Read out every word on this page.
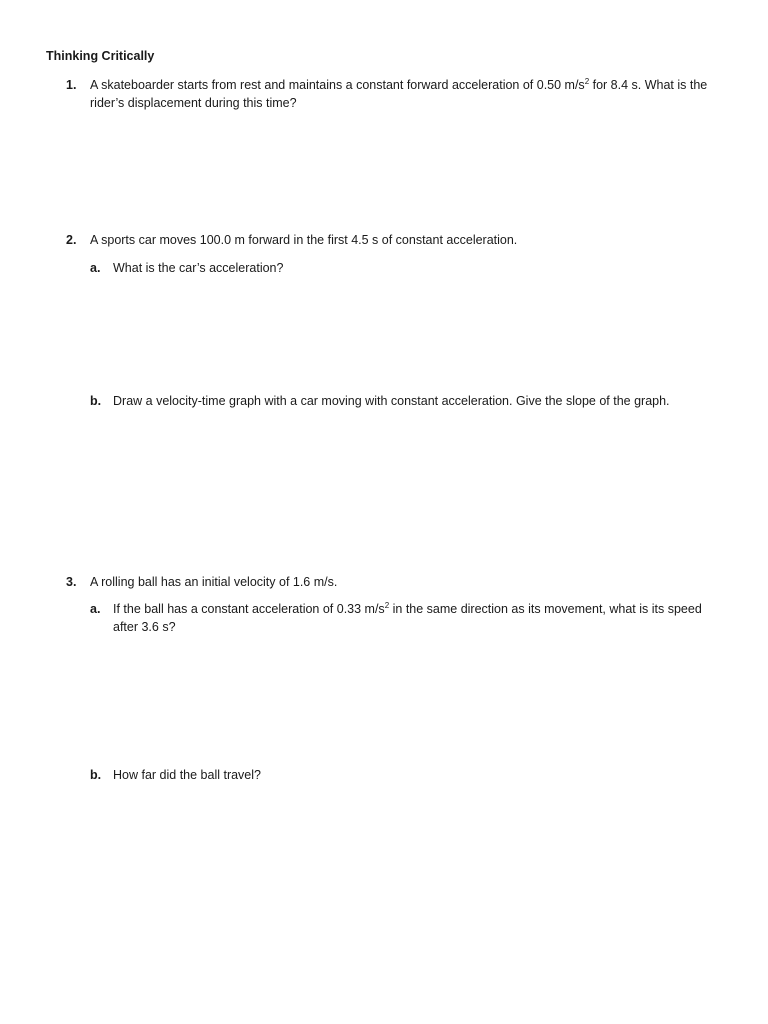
Thinking Critically
1. A skateboarder starts from rest and maintains a constant forward acceleration of 0.50 $m/s^2$ for 8.4 s. What is the rider’s displacement during this time?
2. A sports car moves 100.0 m forward in the first 4.5 s of constant acceleration.
a. What is the car’s acceleration?
b. Draw a velocity-time graph with a car moving with constant acceleration. Give the slope of the graph.
3. A rolling ball has an initial velocity of 1.6 m/s.
a. If the ball has a constant acceleration of 0.33 $m/s^2$ in the same direction as its movement, what is its speed after 3.6 s?
b. How far did the ball travel?
